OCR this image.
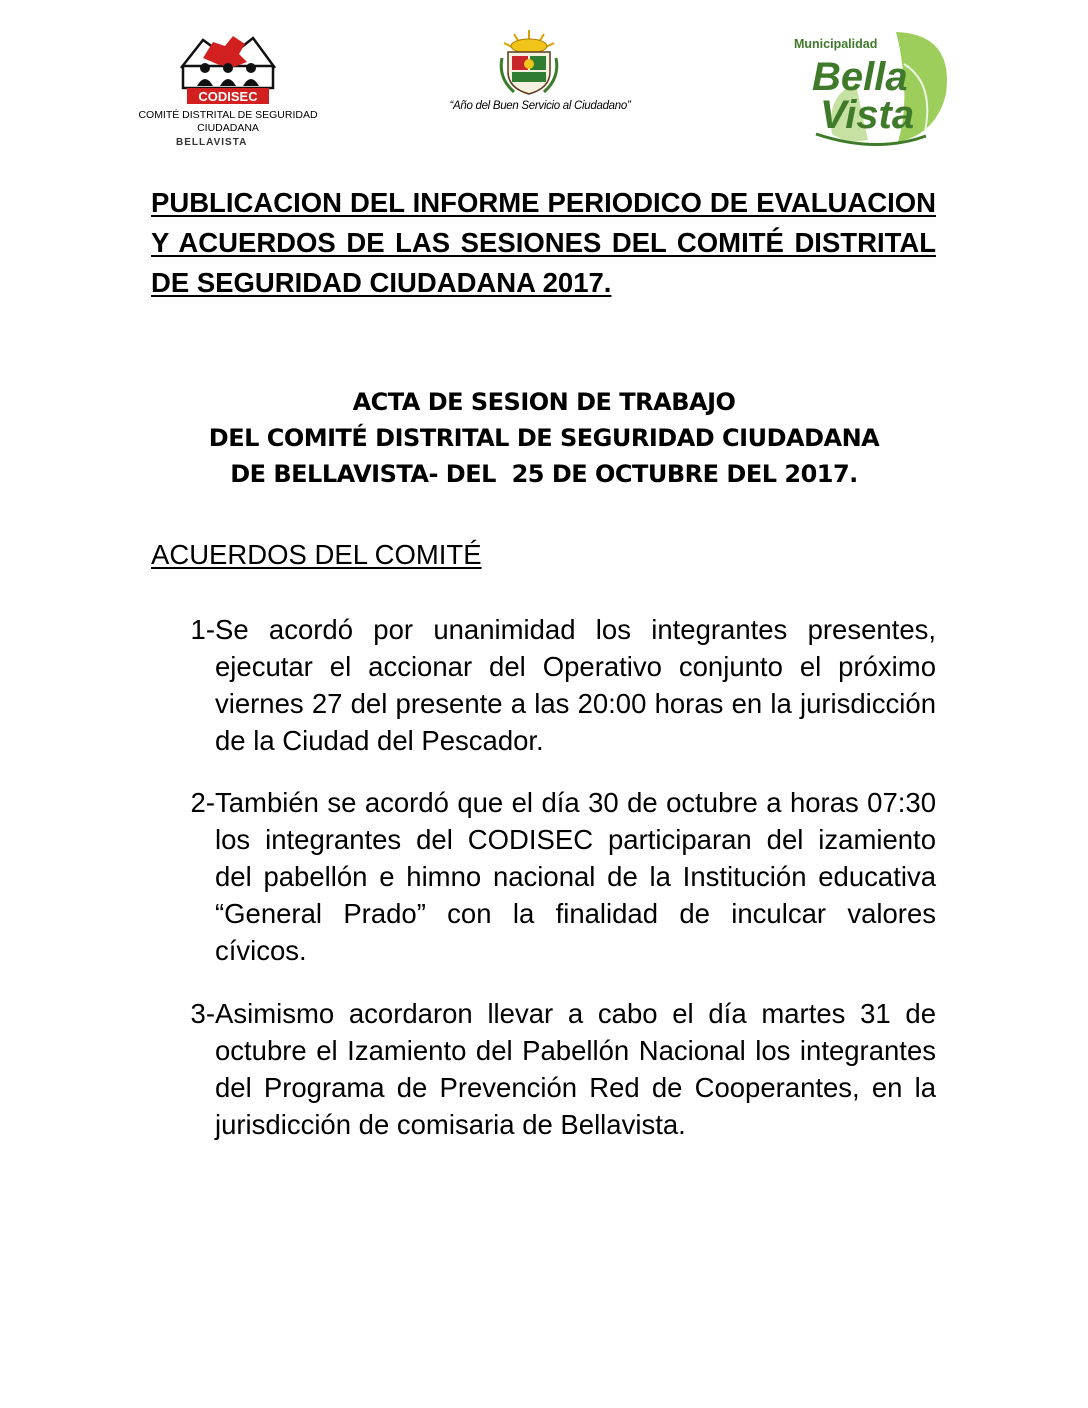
CODISEC
COMITÉ DISTRITAL DE SEGURIDAD
CIUDADANA
BELLAVISTA
“Año del Buen Servicio al Ciudadano”
Municipalidad
Bella
Vista
PUBLICACION DEL INFORME PERIODICO DE EVALUACION Y ACUERDOS DE LAS SESIONES DEL COMITÉ DISTRITAL DE SEGURIDAD CIUDADANA 2017.
ACTA DE SESION DE TRABAJO
DEL COMITÉ DISTRITAL DE SEGURIDAD CIUDADANA
DE BELLAVISTA- DEL  25 DE OCTUBRE DEL 2017.
ACUERDOS DEL COMITÉ
1- Se acordó por unanimidad los integrantes presentes, ejecutar el accionar del Operativo conjunto el próximo viernes 27 del presente a las 20:00 horas en la jurisdicción de la Ciudad del Pescador.
2- También se acordó que el día 30 de octubre a horas 07:30 los integrantes del CODISEC participaran del izamiento del pabellón e himno nacional de la Institución educativa “General Prado” con la finalidad de inculcar valores cívicos.
3- Asimismo acordaron llevar a cabo el día martes 31 de octubre el Izamiento del Pabellón Nacional los integrantes del Programa de Prevención Red de Cooperantes, en la jurisdicción de comisaria de Bellavista.
